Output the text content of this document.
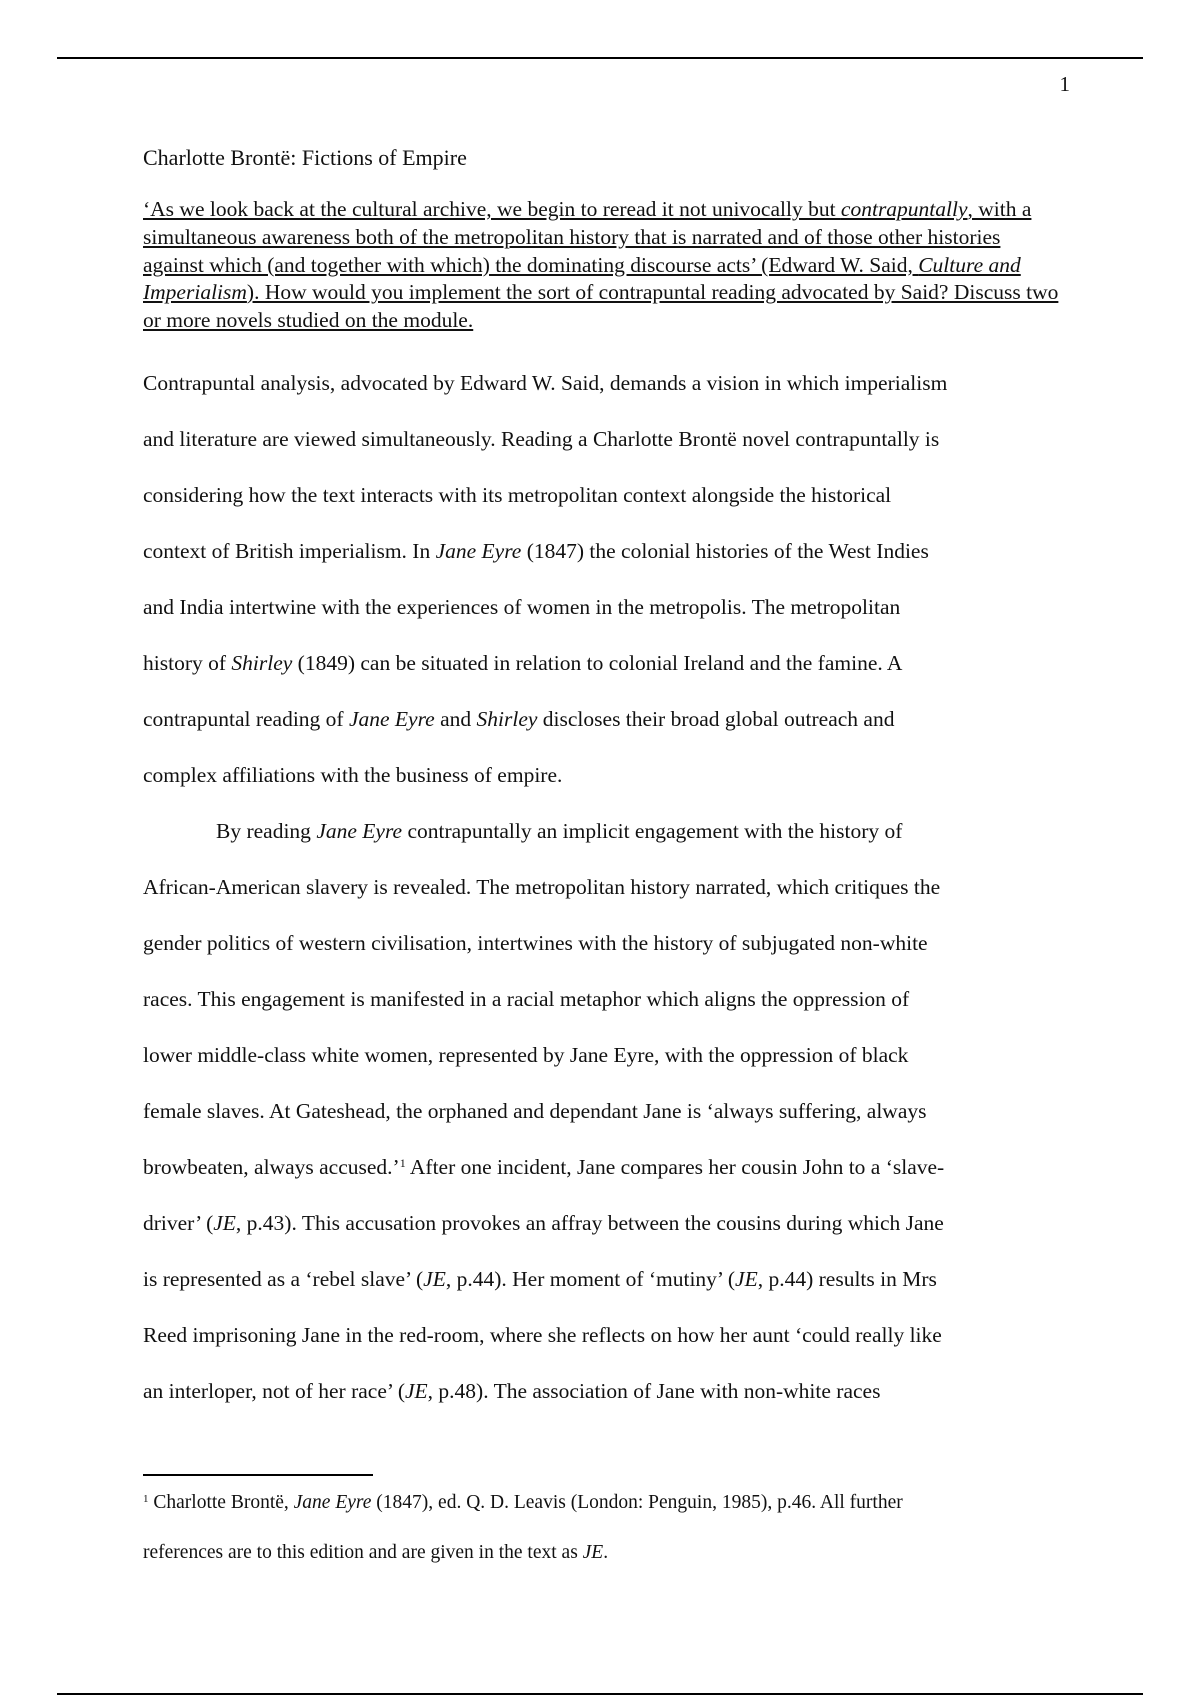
1
Charlotte Brontë: Fictions of Empire
‘As we look back at the cultural archive, we begin to reread it not univocally but contrapuntally, with a simultaneous awareness both of the metropolitan history that is narrated and of those other histories against which (and together with which) the dominating discourse acts’ (Edward W. Said, Culture and Imperialism). How would you implement the sort of contrapuntal reading advocated by Said? Discuss two or more novels studied on the module.
Contrapuntal analysis, advocated by Edward W. Said, demands a vision in which imperialism
and literature are viewed simultaneously. Reading a Charlotte Brontë novel contrapuntally is
considering how the text interacts with its metropolitan context alongside the historical
context of British imperialism. In Jane Eyre (1847) the colonial histories of the West Indies
and India intertwine with the experiences of women in the metropolis. The metropolitan
history of Shirley (1849) can be situated in relation to colonial Ireland and the famine. A
contrapuntal reading of Jane Eyre and Shirley discloses their broad global outreach and
complex affiliations with the business of empire.
By reading Jane Eyre contrapuntally an implicit engagement with the history of
African-American slavery is revealed. The metropolitan history narrated, which critiques the
gender politics of western civilisation, intertwines with the history of subjugated non-white
races. This engagement is manifested in a racial metaphor which aligns the oppression of
lower middle-class white women, represented by Jane Eyre, with the oppression of black
female slaves. At Gateshead, the orphaned and dependant Jane is ‘always suffering, always
browbeaten, always accused.’$^1$ After one incident, Jane compares her cousin John to a ‘slave-
driver’ (JE, p.43). This accusation provokes an affray between the cousins during which Jane
is represented as a ‘rebel slave’ (JE, p.44). Her moment of ‘mutiny’ (JE, p.44) results in Mrs
Reed imprisoning Jane in the red-room, where she reflects on how her aunt ‘could really like
an interloper, not of her race’ (JE, p.48). The association of Jane with non-white races
$^1$ Charlotte Brontë, Jane Eyre (1847), ed. Q. D. Leavis (London: Penguin, 1985), p.46. All further
references are to this edition and are given in the text as JE.
